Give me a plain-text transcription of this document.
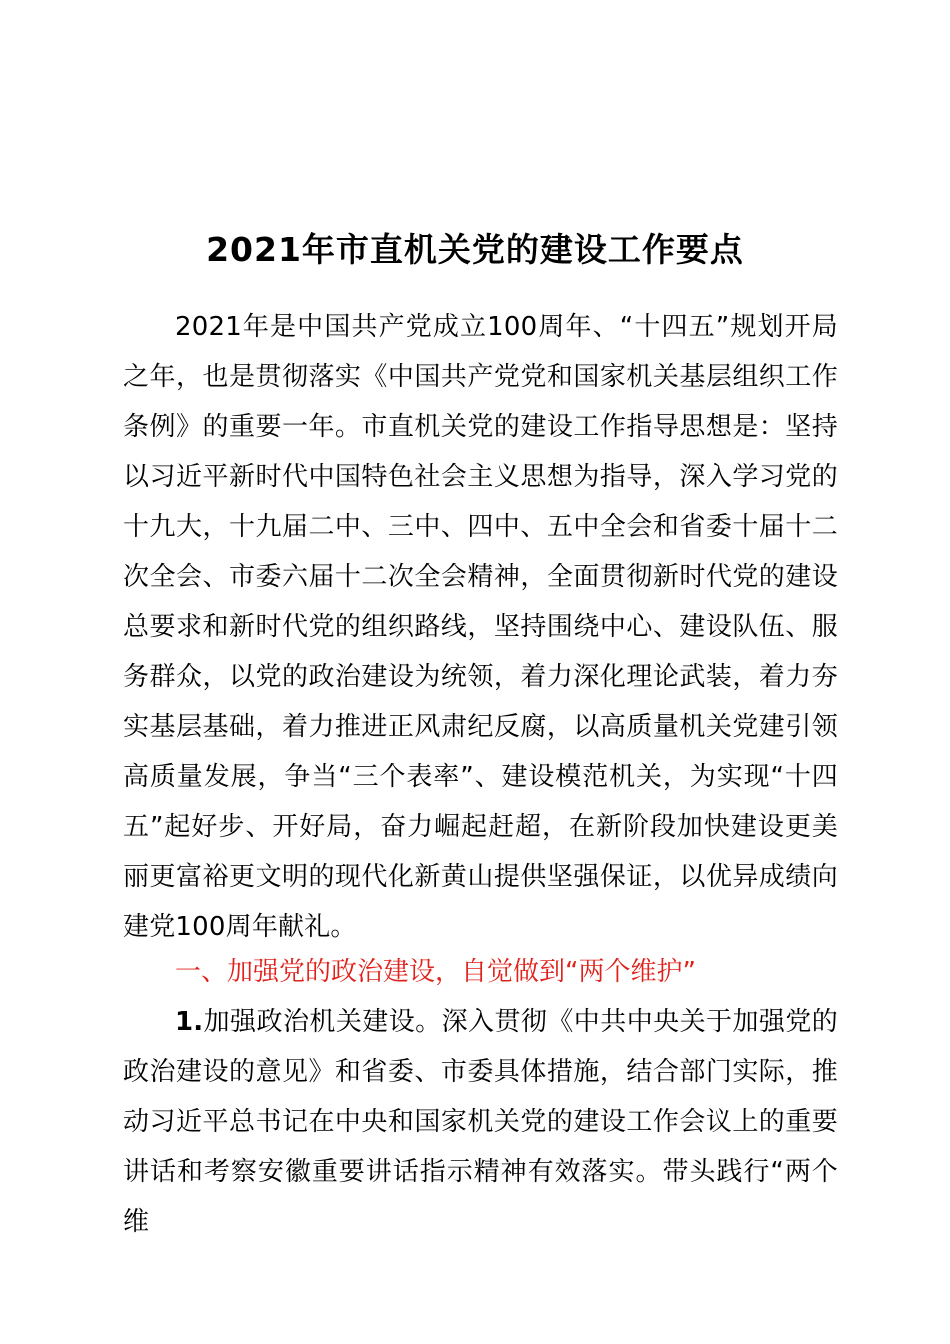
2021年市直机关党的建设工作要点

2021年是中国共产党成立100周年、“十四五”规划开局之年，也是贯彻落实《中国共产党党和国家机关基层组织工作条例》的重要一年。市直机关党的建设工作指导思想是：坚持以习近平新时代中国特色社会主义思想为指导，深入学习党的十九大，十九届二中、三中、四中、五中全会和省委十届十二次全会、市委六届十二次全会精神，全面贯彻新时代党的建设总要求和新时代党的组织路线，坚持围绕中心、建设队伍、服务群众，以党的政治建设为统领，着力深化理论武装，着力夯实基层基础，着力推进正风肃纪反腐，以高质量机关党建引领高质量发展，争当“三个表率”、建设模范机关，为实现“十四五”起好步、开好局，奋力崛起赶超，在新阶段加快建设更美丽更富裕更文明的现代化新黄山提供坚强保证，以优异成绩向建党100周年献礼。

一、加强党的政治建设，自觉做到“两个维护”

1.加强政治机关建设。深入贯彻《中共中央关于加强党的政治建设的意见》和省委、市委具体措施，结合部门实际，推动习近平总书记在中央和国家机关党的建设工作会议上的重要讲话和考察安徽重要讲话指示精神有效落实。带头践行“两个维
